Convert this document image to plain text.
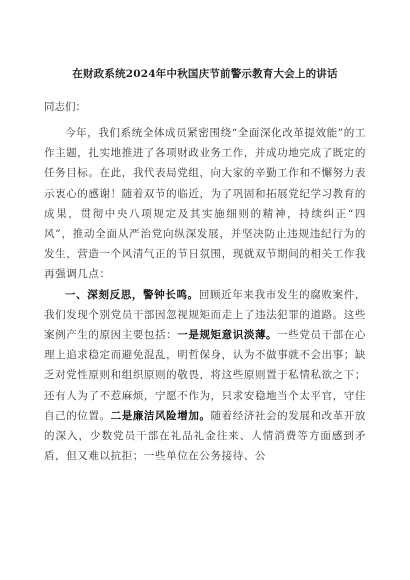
在财政系统2024年中秋国庆节前警示教育大会上的讲话
同志们：

今年，我们系统全体成员紧密围绕“全面深化改革提效能”的工作主题，扎实地推进了各项财政业务工作，并成功地完成了既定的任务目标。在此，我代表局党组，向大家的辛勤工作和不懈努力表示衷心的感谢！随着双节的临近，为了巩固和拓展党纪学习教育的成果，贯彻中央八项规定及其实施细则的精神，持续纠正“四风”，推动全面从严治党向纵深发展，并坚决防止违规违纪行为的发生，营造一个风清气正的节日氛围，现就双节期间的相关工作我再强调几点：

一、深刻反思，警钟长鸣。回顾近年来我市发生的腐败案件，我们发现个别党员干部因忽视规矩而走上了违法犯罪的道路。这些案例产生的原因主要包括：一是规矩意识淡薄。一些党员干部在心理上追求稳定而避免混乱，明哲保身，认为不做事就不会出事；缺乏对党性原则和组织原则的敬畏，将这些原则置于私情私欲之下；还有人为了不惹麻烦，宁愿不作为，只求安稳地当个太平官，守住自己的位置。二是廉洁风险增加。随着经济社会的发展和改革开放的深入，少数党员干部在礼品礼金往来、人情消费等方面感到矛盾，但又难以抗拒；一些单位在公务接待、公
